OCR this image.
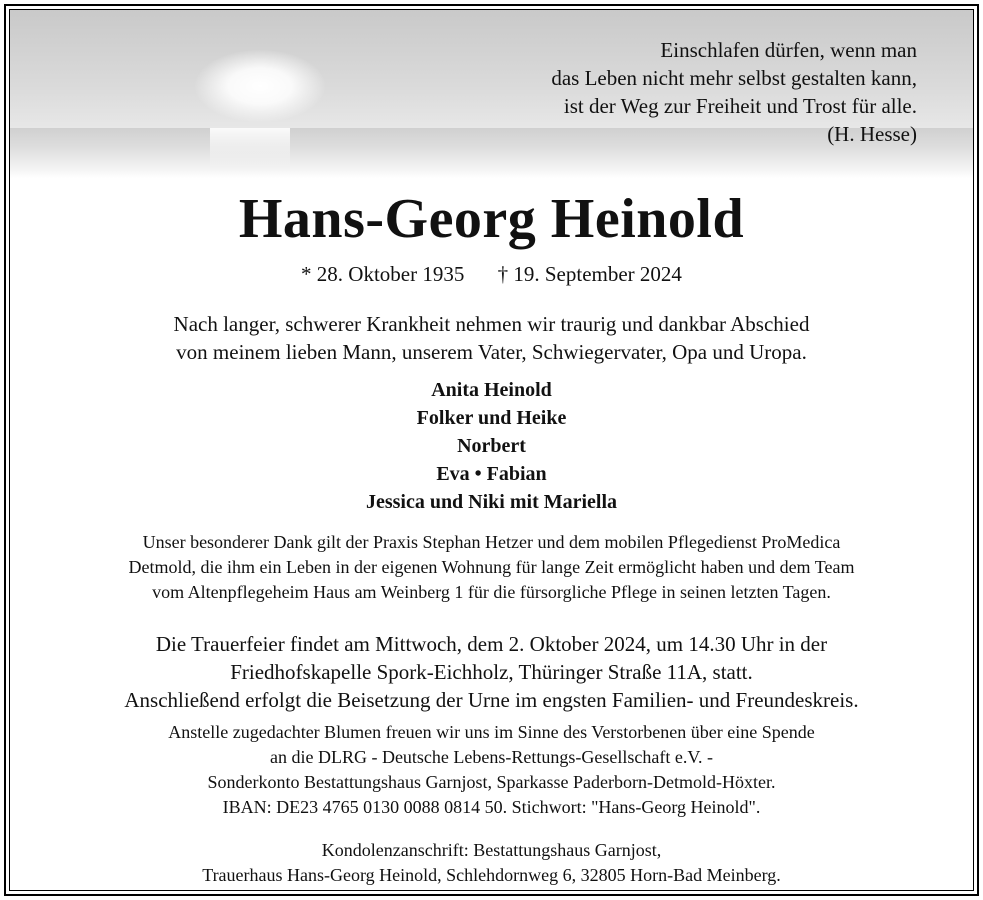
Einschlafen dürfen, wenn man
das Leben nicht mehr selbst gestalten kann,
ist der Weg zur Freiheit und Trost für alle.
(H. Hesse)
Hans-Georg Heinold
* 28. Oktober 1935 † 19. September 2024
Nach langer, schwerer Krankheit nehmen wir traurig und dankbar Abschied
von meinem lieben Mann, unserem Vater, Schwiegervater, Opa und Uropa.
Anita Heinold
Folker und Heike
Norbert
Eva • Fabian
Jessica und Niki mit Mariella
Unser besonderer Dank gilt der Praxis Stephan Hetzer und dem mobilen Pflegedienst ProMedica
Detmold, die ihm ein Leben in der eigenen Wohnung für lange Zeit ermöglicht haben und dem Team
vom Altenpflegeheim Haus am Weinberg 1 für die fürsorgliche Pflege in seinen letzten Tagen.
Die Trauerfeier findet am Mittwoch, dem 2. Oktober 2024, um 14.30 Uhr in der
Friedhofskapelle Spork-Eichholz, Thüringer Straße 11A, statt.
Anschließend erfolgt die Beisetzung der Urne im engsten Familien- und Freundeskreis.
Anstelle zugedachter Blumen freuen wir uns im Sinne des Verstorbenen über eine Spende
an die DLRG - Deutsche Lebens-Rettungs-Gesellschaft e.V. -
Sonderkonto Bestattungshaus Garnjost, Sparkasse Paderborn-Detmold-Höxter.
IBAN: DE23 4765 0130 0088 0814 50. Stichwort: "Hans-Georg Heinold".
Kondolenzanschrift: Bestattungshaus Garnjost,
Trauerhaus Hans-Georg Heinold, Schlehdornweg 6, 32805 Horn-Bad Meinberg.
